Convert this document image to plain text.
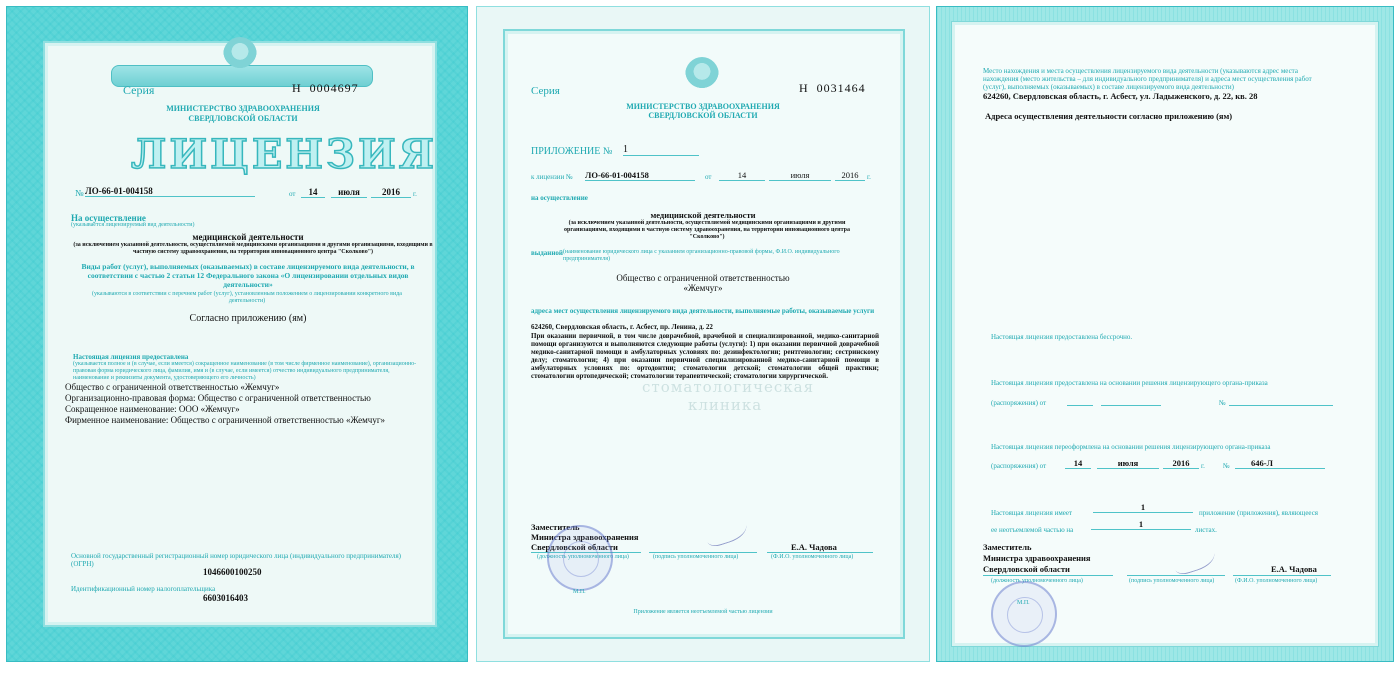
Серия	Н 0004697
МИНИСТЕРСТВО ЗДРАВООХРАНЕНИЯ
СВЕРДЛОВСКОЙ ОБЛАСТИ
ЛИЦЕНЗИЯ
№ ЛО-66-01-004158	от	14	июля	2016	г.
На осуществление
(указывается лицензируемый вид деятельности)
медицинской деятельности
(за исключением указанной деятельности, осуществляемой медицинскими организациями и другими организациями, входящими в частную систему здравоохранения, на территории инновационного центра "Сколково")
Виды работ (услуг), выполняемых (оказываемых) в составе лицензируемого вида деятельности, в соответствии с частью 2 статьи 12 Федерального закона «О лицензировании отдельных видов деятельности»
(указываются в соответствии с перечнем работ (услуг), установленным положением о лицензировании конкретного вида деятельности)
Согласно приложению (ям)
Настоящая лицензия предоставлена
(указывается полное и (в случае, если имеется) сокращенное наименование (в том числе фирменное наименование), организационно-правовая форма юридического лица, фамилия, имя и (в случае, если имеется) отчество индивидуального предпринимателя, наименование и реквизиты документа, удостоверяющего его личность)
Общество с ограниченной ответственностью «Жемчуг»
Организационно-правовая форма: Общество с ограниченной ответственностью
Сокращенное наименование: ООО «Жемчуг»
Фирменное наименование: Общество с ограниченной ответственностью «Жемчуг»
Основной государственный регистрационный номер юридического лица (индивидуального предпринимателя) (ОГРН)
1046600100250
Идентификационный номер налогоплательщика
6603016403
Серия	Н 0031464
МИНИСТЕРСТВО ЗДРАВООХРАНЕНИЯ
СВЕРДЛОВСКОЙ ОБЛАСТИ
ПРИЛОЖЕНИЕ № 1
к лицензии № ЛО-66-01-004158	от	14	июля	2016	г.
на осуществление
медицинской деятельности
(за исключением указанной деятельности, осуществляемой медицинскими организациями и другими организациями, входящими в частную систему здравоохранения, на территории инновационного центра "Сколково")
выданной (наименование юридического лица с указанием организационно-правовой формы, Ф.И.О. индивидуального предпринимателя)
Общество с ограниченной ответственностью
«Жемчуг»
адреса мест осуществления лицензируемого вида деятельности, выполняемые работы, оказываемые услуги
624260, Свердловская область, г. Асбест, пр. Ленина, д. 22
При оказании первичной, в том числе доврачебной, врачебной и специализированной, медико-санитарной помощи организуются и выполняются следующие работы (услуги): 1) при оказании первичной доврачебной медико-санитарной помощи в амбулаторных условиях по: дезинфектологии; рентгенологии; сестринскому делу; стоматологии; 4) при оказании первичной специализированной медико-санитарной помощи в амбулаторных условиях по: ортодонтии; стоматологии детской; стоматологии общей практики; стоматологии ортопедической; стоматологии терапевтической; стоматологии хирургической.
Заместитель
Министра здравоохранения
Свердловской области
(должность уполномоченного лица)	(подпись уполномоченного лица)
Е.А. Чадова
(Ф.И.О. уполномоченного лица)
М.П.
Приложение является неотъемлемой частью лицензии
стоматологическая
клиника
Место нахождения и места осуществления лицензируемого вида деятельности (указываются адрес места нахождения (место жительства – для индивидуального предпринимателя) и адреса мест осуществления работ (услуг), выполняемых (оказываемых) в составе лицензируемого вида деятельности)
624260, Свердловская область, г. Асбест, ул. Ладыженского, д. 22, кв. 28
Адреса осуществления деятельности согласно приложению (ям)
Настоящая лицензия предоставлена бессрочно.
Настоящая лицензия предоставлена на основании решения лицензирующего органа-приказа
(распоряжения) от	№
Настоящая лицензия переоформлена на основании решения лицензирующего органа-приказа
(распоряжения) от	14	июля	2016	г.	№	646-Л
Настоящая лицензия имеет
1
приложение (приложения), являющееся
ее неотъемлемой частью на
1
листах.
Заместитель
Министра здравоохранения
Свердловской области
(должность уполномоченного лица)	(подпись уполномоченного лица)
Е.А. Чадова
(Ф.И.О. уполномоченного лица)
М.П.
